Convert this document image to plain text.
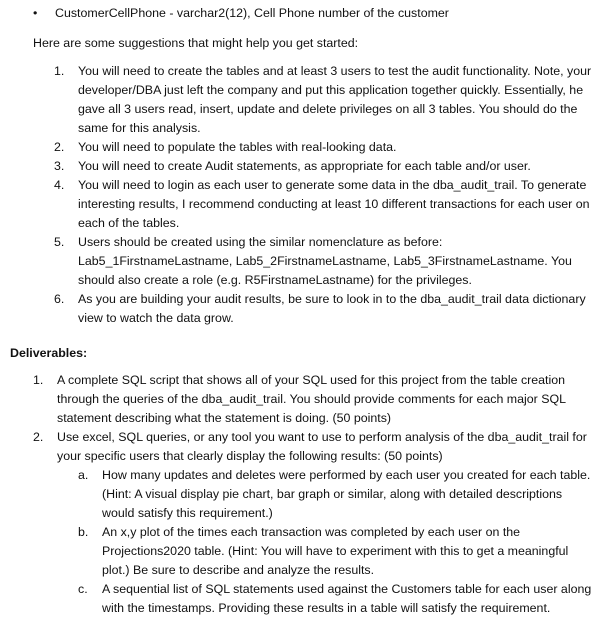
• CustomerCellPhone - varchar2(12), Cell Phone number of the customer
Here are some suggestions that might help you get started:
1. You will need to create the tables and at least 3 users to test the audit functionality. Note, your developer/DBA just left the company and put this application together quickly. Essentially, he gave all 3 users read, insert, update and delete privileges on all 3 tables. You should do the same for this analysis.
2. You will need to populate the tables with real-looking data.
3. You will need to create Audit statements, as appropriate for each table and/or user.
4. You will need to login as each user to generate some data in the dba_audit_trail. To generate interesting results, I recommend conducting at least 10 different transactions for each user on each of the tables.
5. Users should be created using the similar nomenclature as before: Lab5_1FirstnameLastname, Lab5_2FirstnameLastname, Lab5_3FirstnameLastname. You should also create a role (e.g. R5FirstnameLastname) for the privileges.
6. As you are building your audit results, be sure to look in to the dba_audit_trail data dictionary view to watch the data grow.
Deliverables:
1. A complete SQL script that shows all of your SQL used for this project from the table creation through the queries of the dba_audit_trail. You should provide comments for each major SQL statement describing what the statement is doing. (50 points)
2. Use excel, SQL queries, or any tool you want to use to perform analysis of the dba_audit_trail for your specific users that clearly display the following results: (50 points)
a. How many updates and deletes were performed by each user you created for each table. (Hint: A visual display pie chart, bar graph or similar, along with detailed descriptions would satisfy this requirement.)
b. An x,y plot of the times each transaction was completed by each user on the Projections2020 table. (Hint: You will have to experiment with this to get a meaningful plot.) Be sure to describe and analyze the results.
c. A sequential list of SQL statements used against the Customers table for each user along with the timestamps. Providing these results in a table will satisfy the requirement.
